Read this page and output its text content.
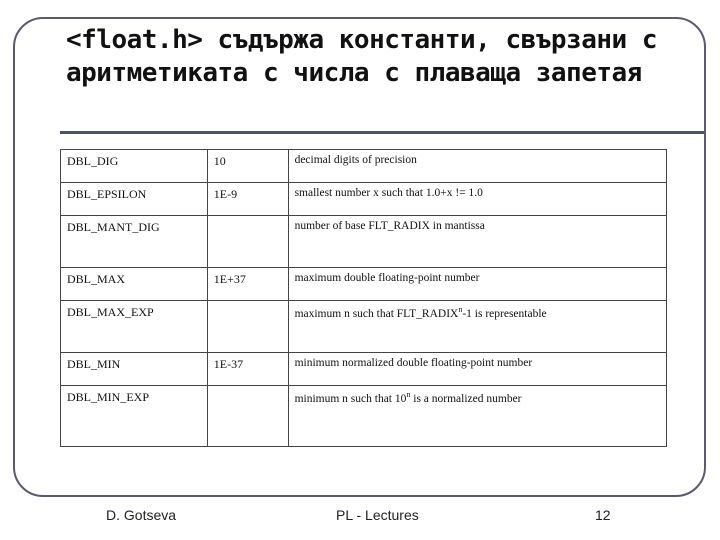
<float.h> съдържа константи, свързани с аритметиката с числа с плаваща запетая
DBL_DIG	10	decimal digits of precision
DBL_EPSILON	1E-9	smallest number x such that 1.0+x != 1.0
DBL_MANT_DIG		number of base FLT_RADIX in mantissa
DBL_MAX	1E+37	maximum double floating-point number
DBL_MAX_EXP		maximum n such that FLT_RADIX$^n$-1 is representable
DBL_MIN	1E-37	minimum normalized double floating-point number
DBL_MIN_EXP		minimum n such that 10$^n$ is a normalized number
D. Gotseva	PL - Lectures	12
